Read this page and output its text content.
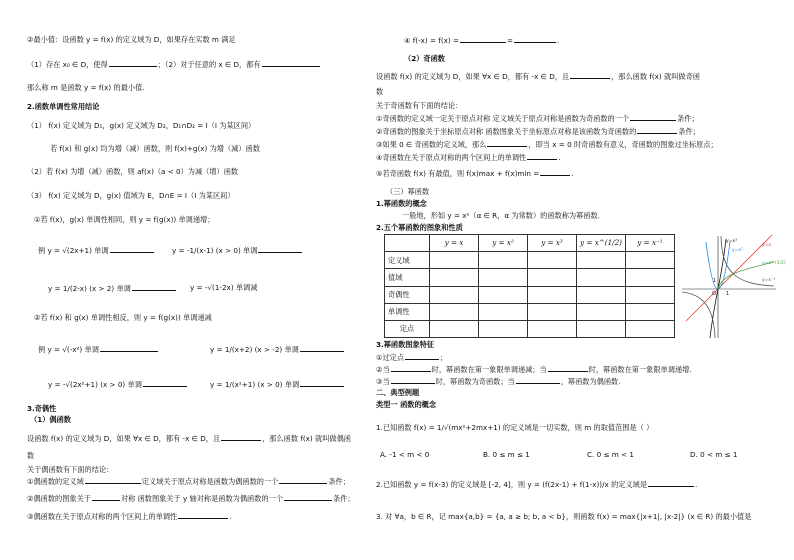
②最小值：设函数 y = f(x) 的定义域为 D，如果存在实数 m 满足
（1）存在 x₀ ∈ D，使得	；（2）对于任意的 x ∈ D，都有
那么称 m 是函数 y = f(x) 的最小值.
2.函数单调性常用结论
（1） f(x) 定义域为 D₁，g(x) 定义域为 D₂，D₁∩D₂ = I（I 为某区间）
若 f(x) 和 g(x) 均为增（减）函数，则 f(x)+g(x) 为增（减）函数
（2）若 f(x) 为增（减）函数，则 af(x)（a < 0）为减（增）函数
（3） f(x) 定义域为 D，g(x) 值域为 E，D∩E = I（I 为某区间）
①若 f(x)，g(x) 单调性相同，则 y = f(g(x)) 单调递增；
例 y = √(2x+1) 单调	y = -1/(x-1) (x > 0) 单调
y = 1/(2-x) (x > 2) 单调	y = -√(1-2x) 单调减
②若 f(x) 和 g(x) 单调性相反，则 y = f(g(x)) 单调递减
例 y = √(-x²) 单调	y = 1/(x+2) (x > -2) 单调
y = -√(2x²+1) (x > 0) 单调	y = 1/(x²+1) (x > 0) 单调
3.奇偶性
（1）偶函数
设函数 f(x) 的定义域为 D，如果 ∀x ∈ D，都有 -x ∈ D，且	，那么函数 f(x) 就叫做偶函
数
关于偶函数有下面的结论：
①偶函数的定义域	定义域关于原点对称是函数为偶函数的一个	条件；
②偶函数的图象关于	对称 函数图象关于 y 轴对称是函数为偶函数的一个	条件；
③偶函数在关于原点对称的两个区间上的单调性	.
④ f(-x) = f(x) =	=	.
（2）奇函数
设函数 f(x) 的定义域为 D，如果 ∀x ∈ D，都有 -x ∈ D，且	，那么函数 f(x) 就叫做奇函
数
关于奇函数有下面的结论：
①奇函数的定义域一定关于原点对称 定义域关于原点对称是函数为奇函数的一个	条件；
②奇函数的图象关于坐标原点对称 函数图象关于坐标原点对称是该函数为奇函数的	条件；
③如果 0 ∈ 奇函数的定义域，那么	，即当 x = 0 时奇函数有意义，奇函数的图象过坐标原点；
④奇函数在关于原点对称的两个区间上的单调性	.
⑤若奇函数 f(x) 有最值，则 f(x)max + f(x)min =	.
（三）幂函数
1.幂函数的概念
一般地，形如 y = xᵅ（α ∈ R，α 为常数）的函数称为幂函数.
2.五个幂函数的图象和性质
	y = x	y = x²	y = x³	y = x^(1/2)	y = x⁻¹
定义域					
值域					
奇偶性					
单调性					
定点					
y=x³
y=x²
y=x
y=x^(1/2)
y=x⁻¹
O 1
1
3.幂函数图象特征
①过定点	；
②当	时，幂函数在第一象限单调递减；当	时，幂函数在第一象限单调递增.
③当	时，幂函数为奇函数；当	，幂函数为偶函数.
二、典型例题
类型一 函数的概念
1.已知函数 f(x) = 1/√(mx²+2mx+1) 的定义域是一切实数，则 m 的取值范围是（ ）
A. -1 < m < 0	B. 0 ≤ m ≤ 1	C. 0 ≤ m < 1	D. 0 < m ≤ 1
2.已知函数 y = f(x-3) 的定义域是 [-2, 4]，则 y = (f(2x-1) + f(1-x))/x 的定义域是	.
3. 对 ∀a，b ∈ R，记 max{a,b} = {a, a ≥ b; b, a < b}，则函数 f(x) = max{|x+1|, |x-2|} (x ∈ R) 的最小值是
